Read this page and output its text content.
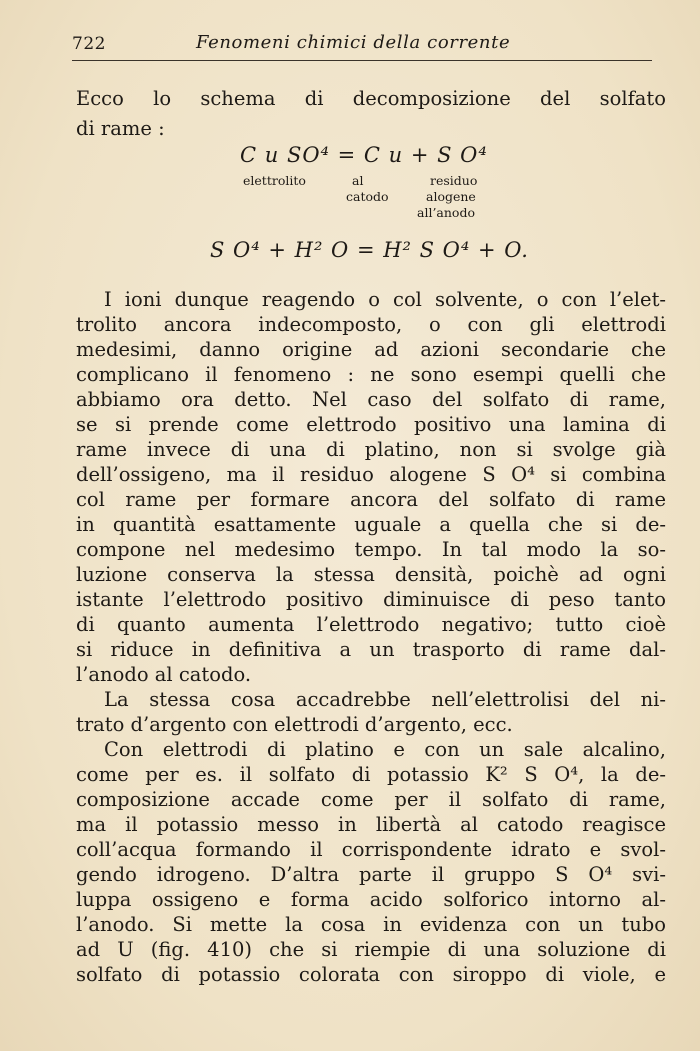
722	Fenomeni chimici della corrente
Ecco lo schema di decomposizione del solfato
di rame :
C u SO⁴ = C u + S O⁴
elettrolito	al
catodo
residuo
alogene
all’anodo
S O⁴ + H² O = H² S O⁴ + O.
I ioni dunque reagendo o col solvente, o con l’elet-
trolito ancora indecomposto, o con gli elettrodi
medesimi, danno origine ad azioni secondarie che
complicano il fenomeno : ne sono esempi quelli che
abbiamo ora detto. Nel caso del solfato di rame,
se si prende come elettrodo positivo una lamina di
rame invece di una di platino, non si svolge già
dell’ossigeno, ma il residuo alogene S O⁴ si combina
col rame per formare ancora del solfato di rame
in quantità esattamente uguale a quella che si de-
compone nel medesimo tempo. In tal modo la so-
luzione conserva la stessa densità, poichè ad ogni
istante l’elettrodo positivo diminuisce di peso tanto
di quanto aumenta l’elettrodo negativo; tutto cioè
si riduce in definitiva a un trasporto di rame dal-
l’anodo al catodo.
La stessa cosa accadrebbe nell’elettrolisi del ni-
trato d’argento con elettrodi d’argento, ecc.
Con elettrodi di platino e con un sale alcalino,
come per es. il solfato di potassio K² S O⁴, la de-
composizione accade come per il solfato di rame,
ma il potassio messo in libertà al catodo reagisce
coll’acqua formando il corrispondente idrato e svol-
gendo idrogeno. D’altra parte il gruppo S O⁴ svi-
luppa ossigeno e forma acido solforico intorno al-
l’anodo. Si mette la cosa in evidenza con un tubo
ad U (fig. 410) che si riempie di una soluzione di
solfato di potassio colorata con siroppo di viole, e
